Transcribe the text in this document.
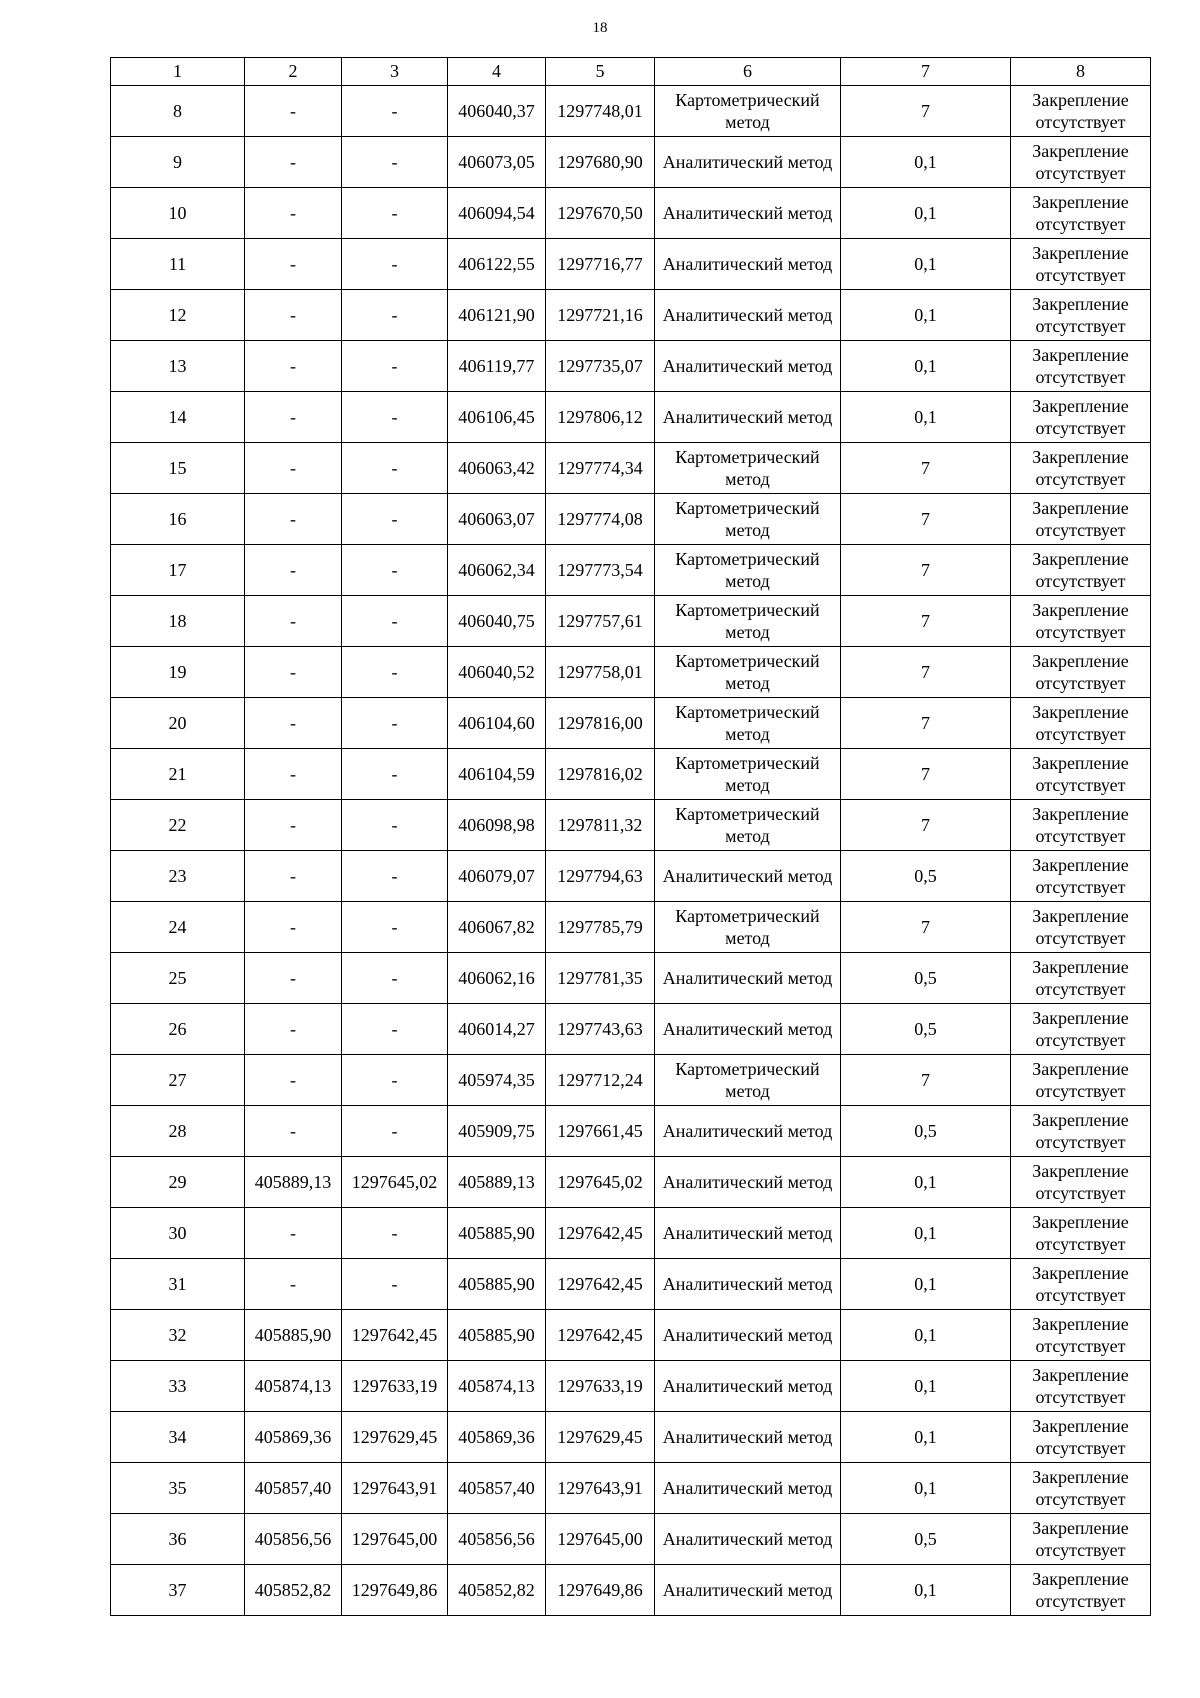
18
1	2	3	4	5	6	7	8
8	-	-	406040,37	1297748,01	Картометрический метод	7	Закрепление отсутствует
9	-	-	406073,05	1297680,90	Аналитический метод	0,1	Закрепление отсутствует
10	-	-	406094,54	1297670,50	Аналитический метод	0,1	Закрепление отсутствует
11	-	-	406122,55	1297716,77	Аналитический метод	0,1	Закрепление отсутствует
12	-	-	406121,90	1297721,16	Аналитический метод	0,1	Закрепление отсутствует
13	-	-	406119,77	1297735,07	Аналитический метод	0,1	Закрепление отсутствует
14	-	-	406106,45	1297806,12	Аналитический метод	0,1	Закрепление отсутствует
15	-	-	406063,42	1297774,34	Картометрический метод	7	Закрепление отсутствует
16	-	-	406063,07	1297774,08	Картометрический метод	7	Закрепление отсутствует
17	-	-	406062,34	1297773,54	Картометрический метод	7	Закрепление отсутствует
18	-	-	406040,75	1297757,61	Картометрический метод	7	Закрепление отсутствует
19	-	-	406040,52	1297758,01	Картометрический метод	7	Закрепление отсутствует
20	-	-	406104,60	1297816,00	Картометрический метод	7	Закрепление отсутствует
21	-	-	406104,59	1297816,02	Картометрический метод	7	Закрепление отсутствует
22	-	-	406098,98	1297811,32	Картометрический метод	7	Закрепление отсутствует
23	-	-	406079,07	1297794,63	Аналитический метод	0,5	Закрепление отсутствует
24	-	-	406067,82	1297785,79	Картометрический метод	7	Закрепление отсутствует
25	-	-	406062,16	1297781,35	Аналитический метод	0,5	Закрепление отсутствует
26	-	-	406014,27	1297743,63	Аналитический метод	0,5	Закрепление отсутствует
27	-	-	405974,35	1297712,24	Картометрический метод	7	Закрепление отсутствует
28	-	-	405909,75	1297661,45	Аналитический метод	0,5	Закрепление отсутствует
29	405889,13	1297645,02	405889,13	1297645,02	Аналитический метод	0,1	Закрепление отсутствует
30	-	-	405885,90	1297642,45	Аналитический метод	0,1	Закрепление отсутствует
31	-	-	405885,90	1297642,45	Аналитический метод	0,1	Закрепление отсутствует
32	405885,90	1297642,45	405885,90	1297642,45	Аналитический метод	0,1	Закрепление отсутствует
33	405874,13	1297633,19	405874,13	1297633,19	Аналитический метод	0,1	Закрепление отсутствует
34	405869,36	1297629,45	405869,36	1297629,45	Аналитический метод	0,1	Закрепление отсутствует
35	405857,40	1297643,91	405857,40	1297643,91	Аналитический метод	0,1	Закрепление отсутствует
36	405856,56	1297645,00	405856,56	1297645,00	Аналитический метод	0,5	Закрепление отсутствует
37	405852,82	1297649,86	405852,82	1297649,86	Аналитический метод	0,1	Закрепление отсутствует
